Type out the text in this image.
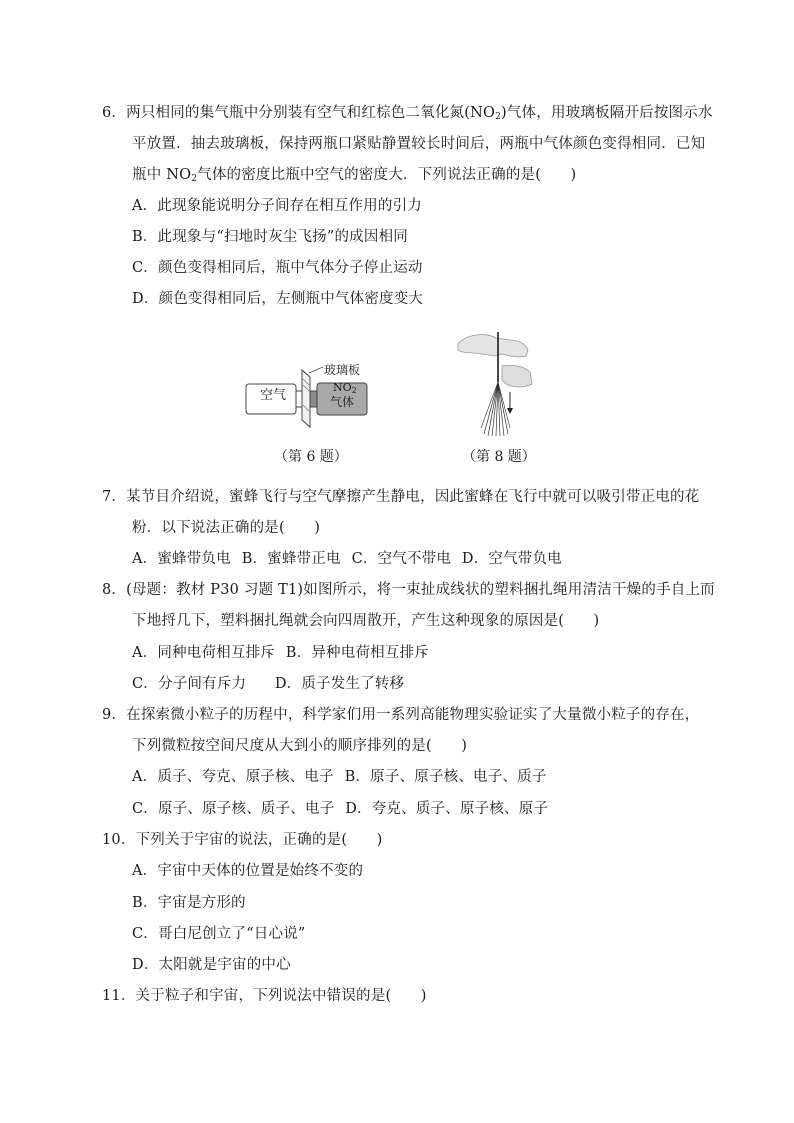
6．两只相同的集气瓶中分别装有空气和红棕色二氧化氮$(NO_2)$气体，用玻璃板隔开后按图示水
平放置．抽去玻璃板，保持两瓶口紧贴静置较长时间后，两瓶中气体颜色变得相同．已知
瓶中 $NO_2$气体的密度比瓶中空气的密度大．下列说法正确的是(　　)
A．此现象能说明分子间存在相互作用的引力
B．此现象与“扫地时灰尘飞扬”的成因相同
C．颜色变得相同后，瓶中气体分子停止运动
D．颜色变得相同后，左侧瓶中气体密度变大
空气
玻璃板
$NO_2$
气体
（第 6 题）	（第 8 题）
7．某节目介绍说，蜜蜂飞行与空气摩擦产生静电，因此蜜蜂在飞行中就可以吸引带正电的花
粉．以下说法正确的是(　　)
A．蜜蜂带负电 B．蜜蜂带正电 C．空气不带电 D．空气带负电
8．(母题：教材 P30 习题 T1)如图所示，将一束扯成线状的塑料捆扎绳用清洁干燥的手自上而
下地捋几下，塑料捆扎绳就会向四周散开，产生这种现象的原因是(　　)
A．同种电荷相互排斥 B．异种电荷相互排斥
C．分子间有斥力 D．质子发生了转移
9．在探索微小粒子的历程中，科学家们用一系列高能物理实验证实了大量微小粒子的存在，
下列微粒按空间尺度从大到小的顺序排列的是(　　)
A．质子、夸克、原子核、电子 B．原子、原子核、电子、质子
C．原子、原子核、质子、电子 D．夸克、质子、原子核、原子
10．下列关于宇宙的说法，正确的是(　　)
A．宇宙中天体的位置是始终不变的
B．宇宙是方形的
C．哥白尼创立了“日心说”
D．太阳就是宇宙的中心
11．关于粒子和宇宙，下列说法中错误的是(　　)
